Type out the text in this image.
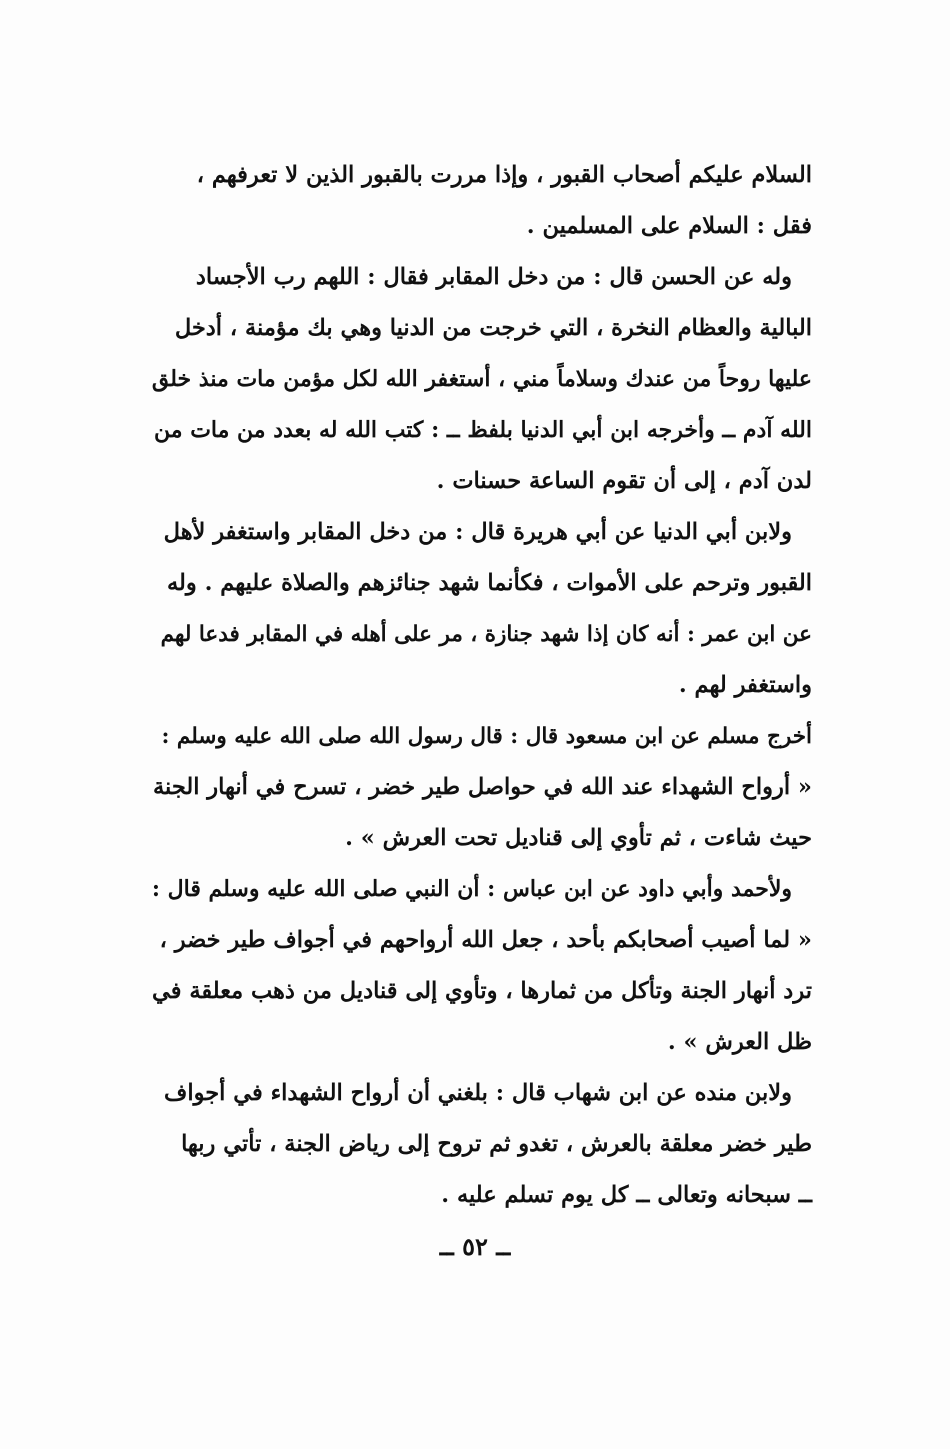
السلام عليكم أصحاب القبور ، وإذا مررت بالقبور الذين لا تعرفهم ،
فقل : السلام على المسلمين .
وله عن الحسن قال : من دخل المقابر فقال : اللهم رب الأجساد
البالية والعظام النخرة ، التي خرجت من الدنيا وهي بك مؤمنة ، أدخل
عليها روحاً من عندك وسلاماً مني ، أستغفر الله لكل مؤمن مات منذ خلق
الله آدم ــ وأخرجه ابن أبي الدنيا بلفظ ــ : كتب الله له بعدد من مات من
لدن آدم ، إلى أن تقوم الساعة حسنات .
ولابن أبي الدنيا عن أبي هريرة قال : من دخل المقابر واستغفر لأهل
القبور وترحم على الأموات ، فكأنما شهد جنائزهم والصلاة عليهم . وله
عن ابن عمر : أنه كان إذا شهد جنازة ، مر على أهله في المقابر فدعا لهم
واستغفر لهم .
أخرج مسلم عن ابن مسعود قال : قال رسول الله صلى الله عليه وسلم :
« أرواح الشهداء عند الله في حواصل طير خضر ، تسرح في أنهار الجنة
حيث شاءت ، ثم تأوي إلى قناديل تحت العرش » .
ولأحمد وأبي داود عن ابن عباس : أن النبي صلى الله عليه وسلم قال :
« لما أصيب أصحابكم بأحد ، جعل الله أرواحهم في أجواف طير خضر ،
ترد أنهار الجنة وتأكل من ثمارها ، وتأوي إلى قناديل من ذهب معلقة في
ظل العرش » .
ولابن منده عن ابن شهاب قال : بلغني أن أرواح الشهداء في أجواف
طير خضر معلقة بالعرش ، تغدو ثم تروح إلى رياض الجنة ، تأتي ربها
ــ سبحانه وتعالى ــ كل يوم تسلم عليه .
ــ ٥٢ ــ
